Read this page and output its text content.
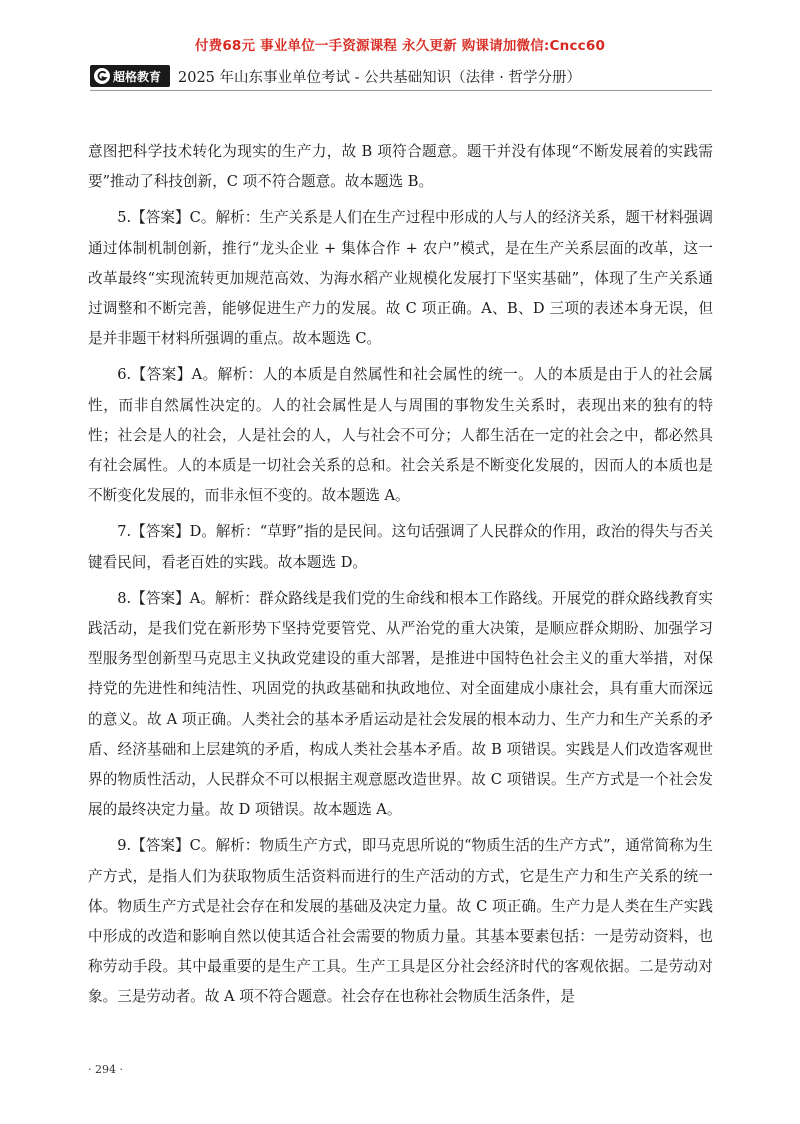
付费68元 事业单位一手资源课程 永久更新 购课请加微信:Cncc60
超格教育 2025 年山东事业单位考试 - 公共基础知识（法律 · 哲学分册）

意图把科学技术转化为现实的生产力，故 B 项符合题意。题干并没有体现“不断发展着的实践需要”推动了科技创新，C 项不符合题意。故本题选 B。

5.【答案】C。解析：生产关系是人们在生产过程中形成的人与人的经济关系，题干材料强调通过体制机制创新，推行“龙头企业 + 集体合作 + 农户”模式，是在生产关系层面的改革，这一改革最终“实现流转更加规范高效、为海水稻产业规模化发展打下坚实基础”，体现了生产关系通过调整和不断完善，能够促进生产力的发展。故 C 项正确。A、B、D 三项的表述本身无误，但是并非题干材料所强调的重点。故本题选 C。

6.【答案】A。解析：人的本质是自然属性和社会属性的统一。人的本质是由于人的社会属性，而非自然属性决定的。人的社会属性是人与周围的事物发生关系时，表现出来的独有的特性；社会是人的社会，人是社会的人，人与社会不可分；人都生活在一定的社会之中，都必然具有社会属性。人的本质是一切社会关系的总和。社会关系是不断变化发展的，因而人的本质也是不断变化发展的，而非永恒不变的。故本题选 A。

7.【答案】D。解析：“草野”指的是民间。这句话强调了人民群众的作用，政治的得失与否关键看民间，看老百姓的实践。故本题选 D。

8.【答案】A。解析：群众路线是我们党的生命线和根本工作路线。开展党的群众路线教育实践活动，是我们党在新形势下坚持党要管党、从严治党的重大决策，是顺应群众期盼、加强学习型服务型创新型马克思主义执政党建设的重大部署，是推进中国特色社会主义的重大举措，对保持党的先进性和纯洁性、巩固党的执政基础和执政地位、对全面建成小康社会，具有重大而深远的意义。故 A 项正确。人类社会的基本矛盾运动是社会发展的根本动力、生产力和生产关系的矛盾、经济基础和上层建筑的矛盾，构成人类社会基本矛盾。故 B 项错误。实践是人们改造客观世界的物质性活动，人民群众不可以根据主观意愿改造世界。故 C 项错误。生产方式是一个社会发展的最终决定力量。故 D 项错误。故本题选 A。

9.【答案】C。解析：物质生产方式，即马克思所说的“物质生活的生产方式”，通常简称为生产方式，是指人们为获取物质生活资料而进行的生产活动的方式，它是生产力和生产关系的统一体。物质生产方式是社会存在和发展的基础及决定力量。故 C 项正确。生产力是人类在生产实践中形成的改造和影响自然以使其适合社会需要的物质力量。其基本要素包括：一是劳动资料，也称劳动手段。其中最重要的是生产工具。生产工具是区分社会经济时代的客观依据。二是劳动对象。三是劳动者。故 A 项不符合题意。社会存在也称社会物质生活条件，是

· 294 ·
